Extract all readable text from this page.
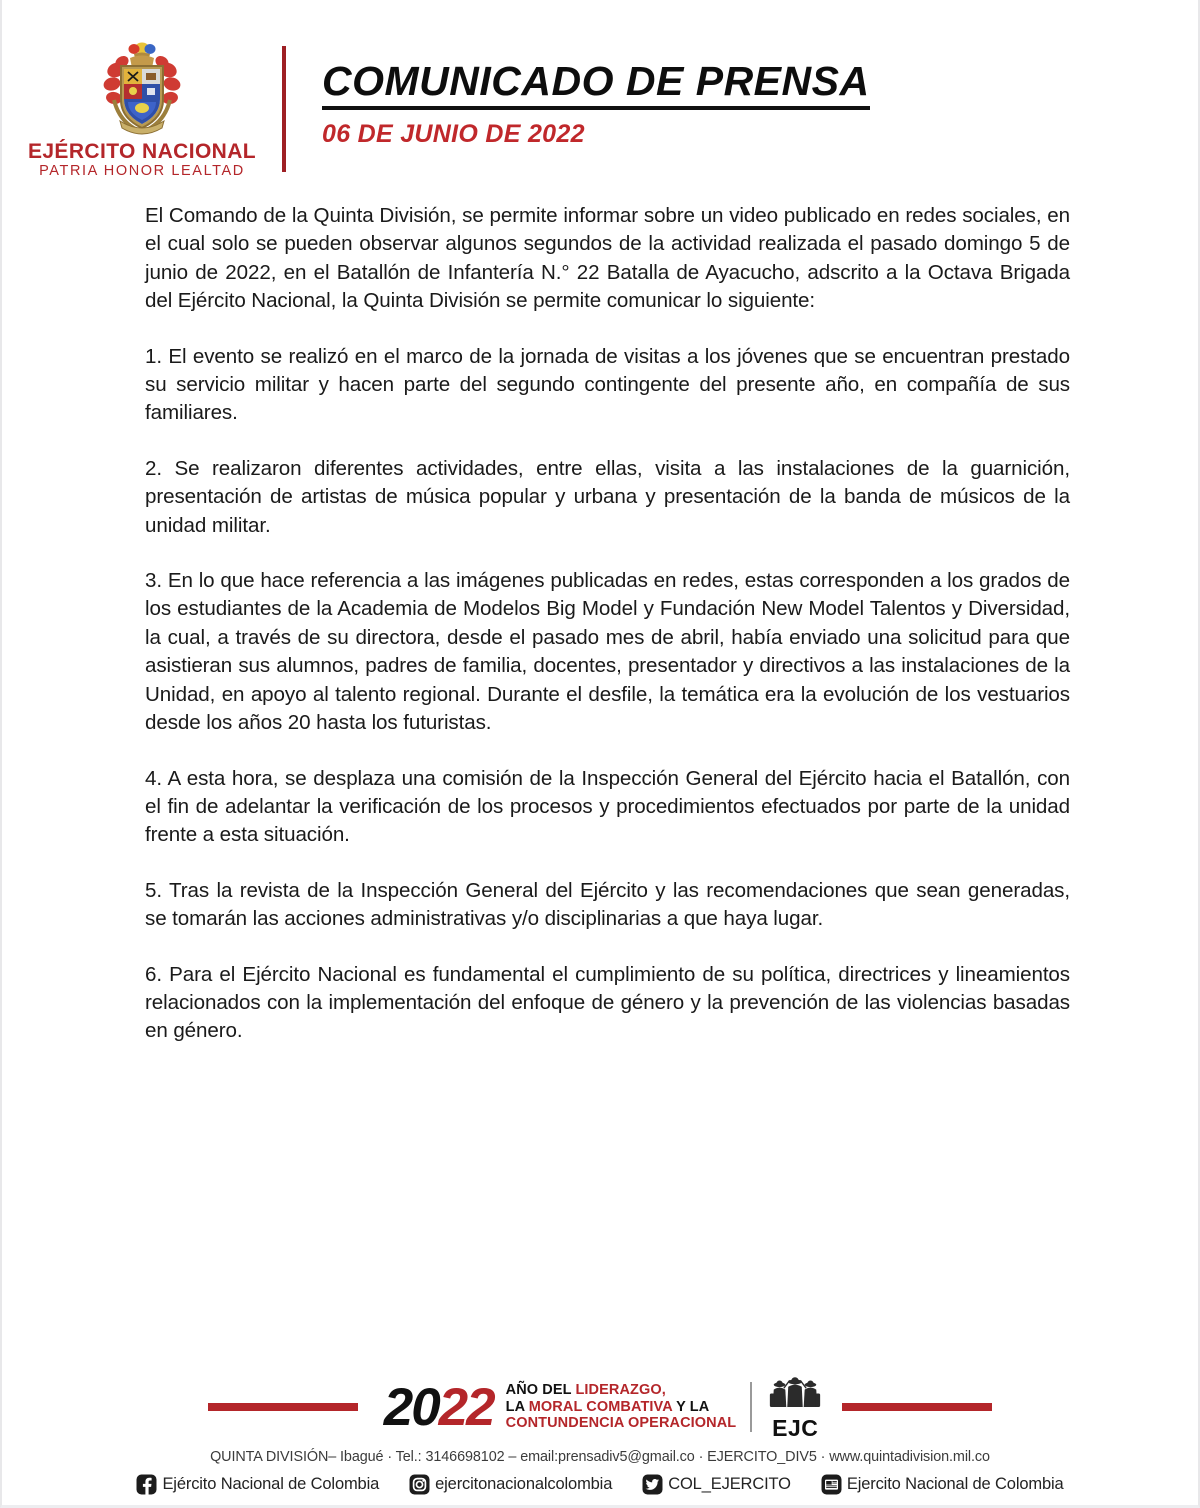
EJÉRCITO NACIONAL
PATRIA HONOR LEALTAD
COMUNICADO DE PRENSA
06 DE JUNIO DE 2022

El Comando de la Quinta División, se permite informar sobre un video publicado en redes sociales, en el cual solo se pueden observar algunos segundos de la actividad realizada el pasado domingo 5 de junio de 2022, en el Batallón de Infantería N.° 22 Batalla de Ayacucho, adscrito a la Octava Brigada del Ejército Nacional, la Quinta División se permite comunicar lo siguiente:

1. El evento se realizó en el marco de la jornada de visitas a los jóvenes que se encuentran prestado su servicio militar y hacen parte del segundo contingente del presente año, en compañía de sus familiares.

2. Se realizaron diferentes actividades, entre ellas, visita a las instalaciones de la guarnición, presentación de artistas de música popular y urbana y presentación de la banda de músicos de la unidad militar.

3. En lo que hace referencia a las imágenes publicadas en redes, estas corresponden a los grados de los estudiantes de la Academia de Modelos Big Model y Fundación New Model Talentos y Diversidad, la cual, a través de su directora, desde el pasado mes de abril, había enviado una solicitud para que asistieran sus alumnos, padres de familia, docentes, presentador y directivos a las instalaciones de la Unidad, en apoyo al talento regional. Durante el desfile, la temática era la evolución de los vestuarios desde los años 20 hasta los futuristas.

4. A esta hora, se desplaza una comisión de la Inspección General del Ejército hacia el Batallón, con el fin de adelantar la verificación de los procesos y procedimientos efectuados por parte de la unidad frente a esta situación.

5. Tras la revista de la Inspección General del Ejército y las recomendaciones que sean generadas, se tomarán las acciones administrativas y/o disciplinarias a que haya lugar.

6. Para el Ejército Nacional es fundamental el cumplimiento de su política, directrices y lineamientos relacionados con la implementación del enfoque de género y la prevención de las violencias basadas en género.

2022 AÑO DEL LIDERAZGO,
LA MORAL COMBATIVA Y LA
CONTUNDENCIA OPERACIONAL EJC
QUINTA DIVISIÓN– Ibagué · Tel.: 3146698102 – email:prensadiv5@gmail.co · EJERCITO_DIV5 · www.quintadivision.mil.co
Ejército Nacional de Colombia	ejercitonacionalcolombia	COL_EJERCITO	Ejercito Nacional de Colombia
